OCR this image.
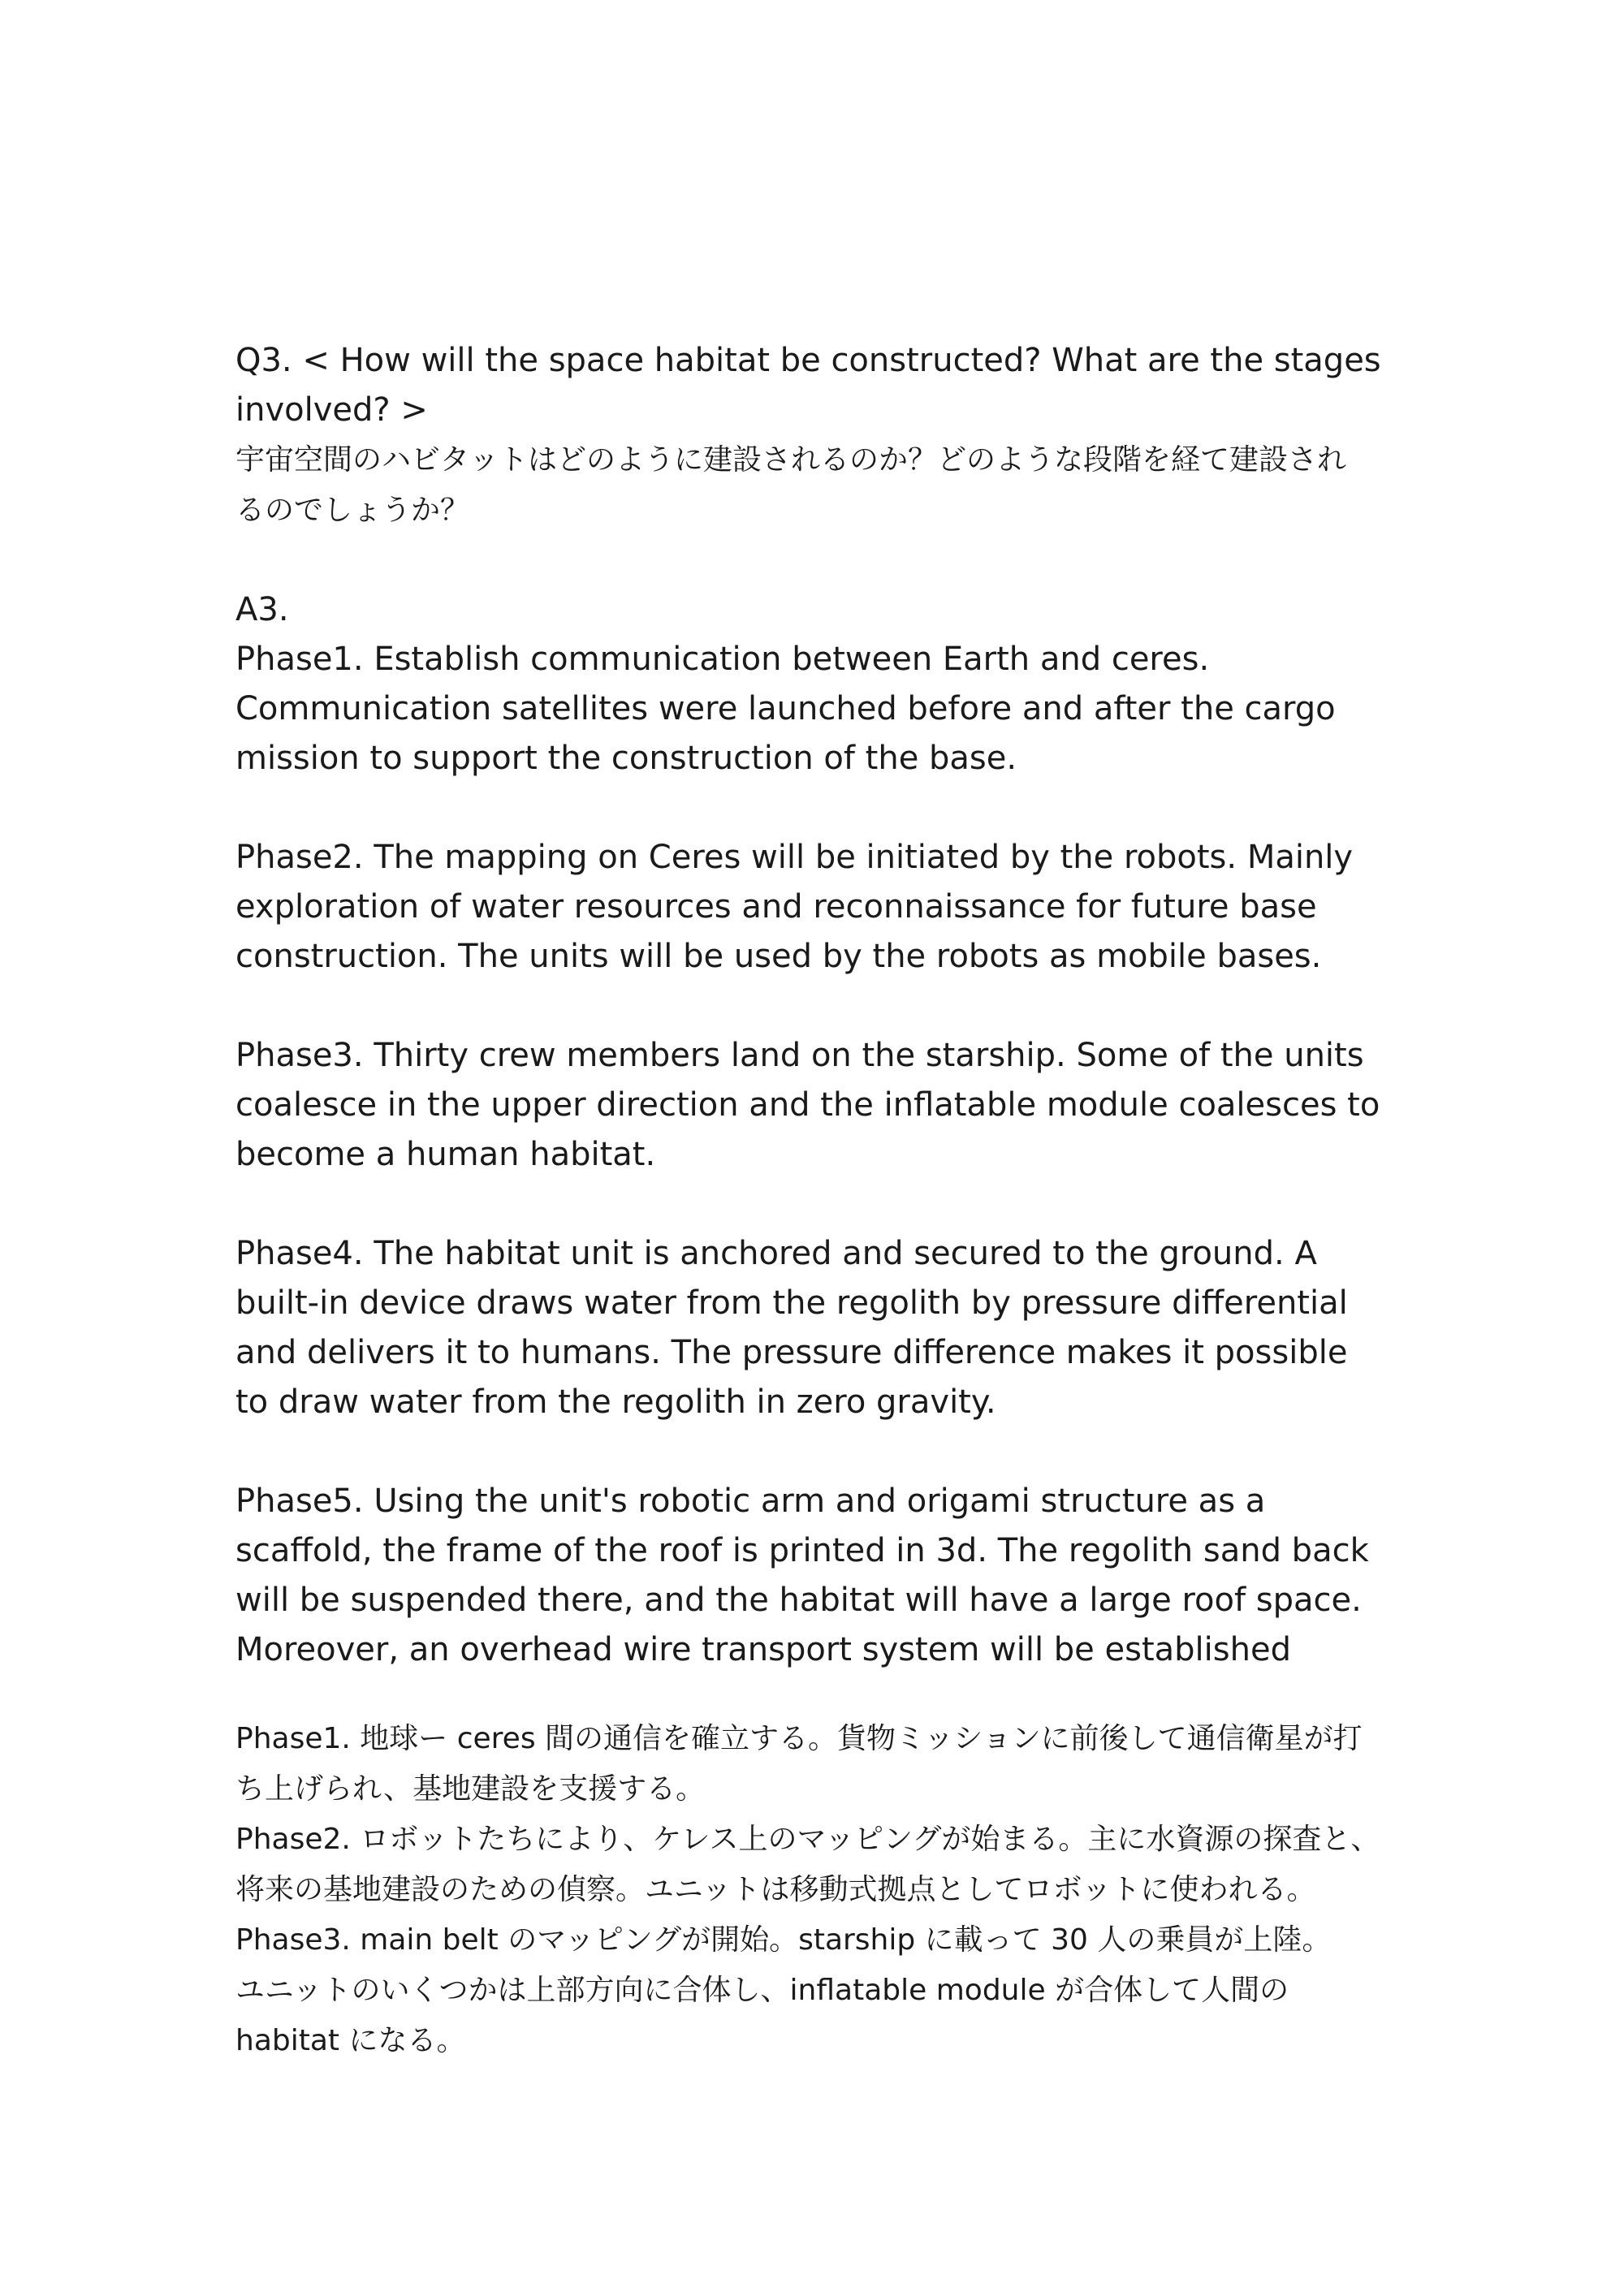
Q3. < How will the space habitat be constructed? What are the stages

involved? >

宇宙空間のハビタットはどのように建設されるのか？どのような段階を経て建設され

るのでしょうか？

A3.

Phase1. Establish communication between Earth and ceres.

Communication satellites were launched before and after the cargo

mission to support the construction of the base.

Phase2. The mapping on Ceres will be initiated by the robots. Mainly

exploration of water resources and reconnaissance for future base

construction. The units will be used by the robots as mobile bases.

Phase3. Thirty crew members land on the starship. Some of the units

coalesce in the upper direction and the inflatable module coalesces to

become a human habitat.

Phase4. The habitat unit is anchored and secured to the ground. A

built-in device draws water from the regolith by pressure differential

and delivers it to humans. The pressure difference makes it possible

to draw water from the regolith in zero gravity.

Phase5. Using the unit's robotic arm and origami structure as a

scaffold, the frame of the roof is printed in 3d. The regolith sand back

will be suspended there, and the habitat will have a large roof space.

Moreover, an overhead wire transport system will be established

Phase1. 地球ー ceres 間の通信を確立する。貨物ミッションに前後して通信衛星が打

ち上げられ、基地建設を支援する。

Phase2. ロボットたちにより、ケレス上のマッピングが始まる。主に水資源の探査と、

将来の基地建設のための偵察。ユニットは移動式拠点としてロボットに使われる。

Phase3. main belt のマッピングが開始。starship に載って 30 人の乗員が上陸。

ユニットのいくつかは上部方向に合体し、inflatable module が合体して人間の

habitat になる。
